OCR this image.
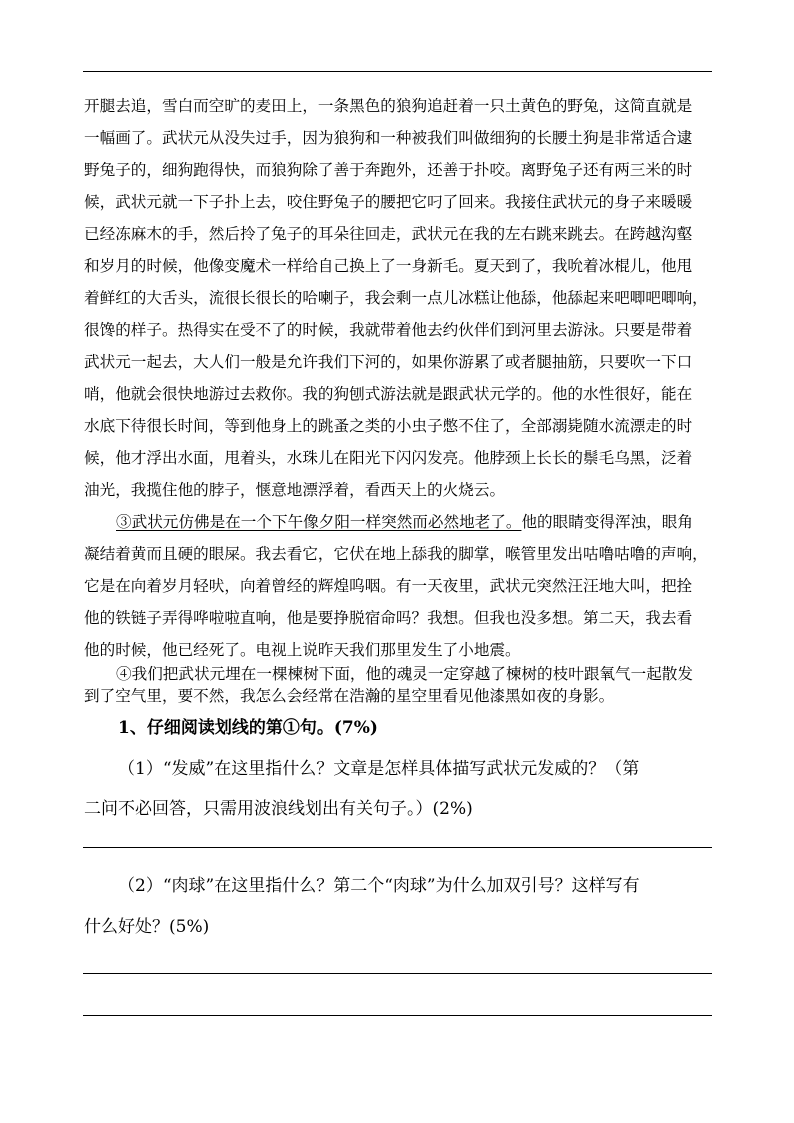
开腿去追，雪白而空旷的麦田上，一条黑色的狼狗追赶着一只土黄色的野兔，这简直就是
一幅画了。武状元从没失过手，因为狼狗和一种被我们叫做细狗的长腰土狗是非常适合逮
野兔子的，细狗跑得快，而狼狗除了善于奔跑外，还善于扑咬。离野兔子还有两三米的时
候，武状元就一下子扑上去，咬住野兔子的腰把它叼了回来。我接住武状元的身子来暖暖
已经冻麻木的手，然后拎了兔子的耳朵往回走，武状元在我的左右跳来跳去。在跨越沟壑
和岁月的时候，他像变魔术一样给自己换上了一身新毛。夏天到了，我吮着冰棍儿，他甩
着鲜红的大舌头，流很长很长的哈喇子，我会剩一点儿冰糕让他舔，他舔起来吧唧吧唧响，
很馋的样子。热得实在受不了的时候，我就带着他去约伙伴们到河里去游泳。只要是带着
武状元一起去，大人们一般是允许我们下河的，如果你游累了或者腿抽筋，只要吹一下口
哨，他就会很快地游过去救你。我的狗刨式游法就是跟武状元学的。他的水性很好，能在
水底下待很长时间，等到他身上的跳蚤之类的小虫子憋不住了，全部溺毙随水流漂走的时
候，他才浮出水面，甩着头，水珠儿在阳光下闪闪发亮。他脖颈上长长的鬃毛乌黑，泛着
油光，我揽住他的脖子，惬意地漂浮着，看西天上的火烧云。
③武状元仿佛是在一个下午像夕阳一样突然而必然地老了。他的眼睛变得浑浊，眼角
凝结着黄而且硬的眼屎。我去看它，它伏在地上舔我的脚掌，喉管里发出咕噜咕噜的声响，
它是在向着岁月轻吠，向着曾经的辉煌呜咽。有一天夜里，武状元突然汪汪地大叫，把拴
他的铁链子弄得哗啦啦直响，他是要挣脱宿命吗？我想。但我也没多想。第二天，我去看
他的时候，他已经死了。电视上说昨天我们那里发生了小地震。
④我们把武状元埋在一棵楝树下面，他的魂灵一定穿越了楝树的枝叶跟氧气一起散发
到了空气里，要不然，我怎么会经常在浩瀚的星空里看见他漆黑如夜的身影。
1、仔细阅读划线的第①句。(7%)
（1）“发威”在这里指什么？文章是怎样具体描写武状元发威的？（第
二问不必回答，只需用波浪线划出有关句子。）(2%)
（2）“肉球”在这里指什么？第二个“肉球”为什么加双引号？这样写有
什么好处？(5%)
